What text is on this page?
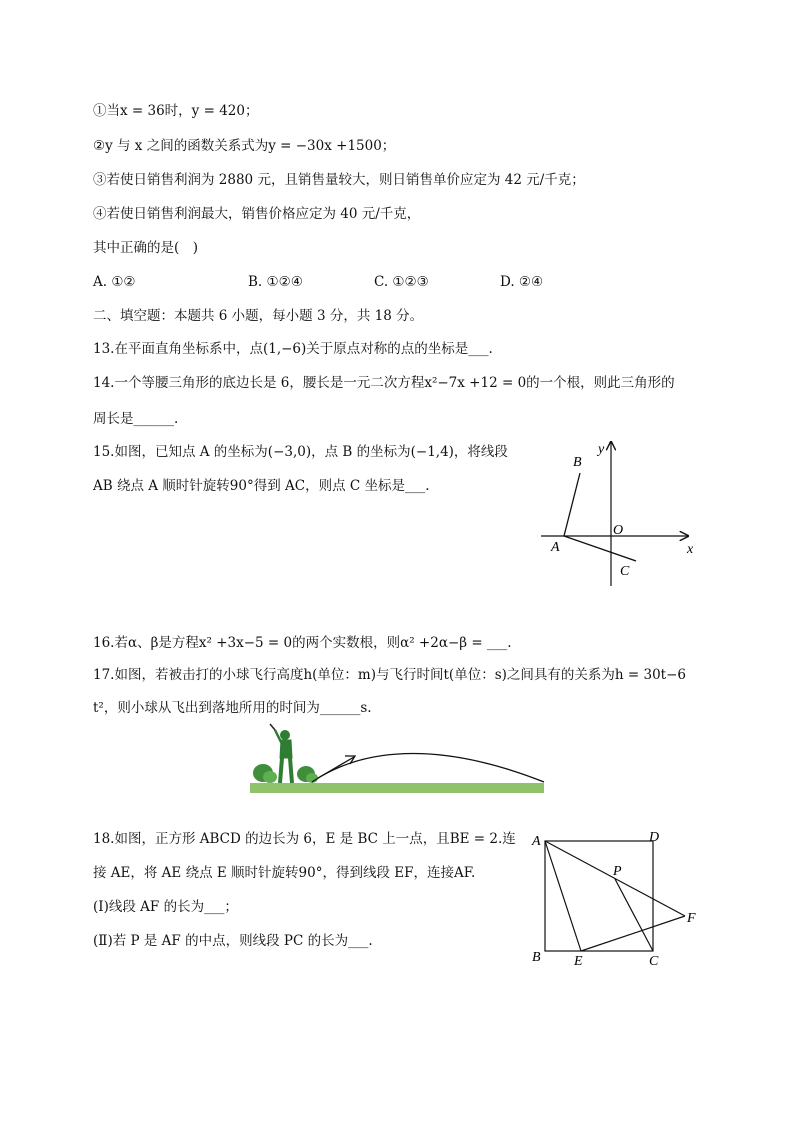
①当x = 36时，y = 420；
②y 与 x 之间的函数关系式为y = −30x +1500；
③若使日销售利润为 2880 元，且销售量较大，则日销售单价应定为 42 元/千克；
④若使日销售利润最大，销售价格应定为 40 元/千克，
其中正确的是(　)
A. ①②	B. ①②④	C. ①②③	D. ②④
二、填空题：本题共 6 小题，每小题 3 分，共 18 分。
13.在平面直角坐标系中，点(1,−6)关于原点对称的点的坐标是___.
14.一个等腰三角形的底边长是 6，腰长是一元二次方程x²−7x +12 = 0的一个根，则此三角形的
周长是______.
15.如图，已知点 A 的坐标为(−3,0)，点 B 的坐标为(−1,4)，将线段
AB 绕点 A 顺时针旋转90°得到 AC，则点 C 坐标是___.
16.若α、β是方程x² +3x−5 = 0的两个实数根，则α² +2α−β = ___.
17.如图，若被击打的小球飞行高度h(单位：m)与飞行时间t(单位：s)之间具有的关系为h = 30t−6
t²，则小球从飞出到落地所用的时间为______s.
18.如图，正方形 ABCD 的边长为 6，E 是 BC 上一点，且BE = 2.连
接 AE，将 AE 绕点 E 顺时针旋转90°，得到线段 EF，连接AF.
(Ⅰ)线段 AF 的长为___；
(Ⅱ)若 P 是 AF 的中点，则线段 PC 的长为___.
y
B
O
A	x
C
A	D
P
F
B E	C
